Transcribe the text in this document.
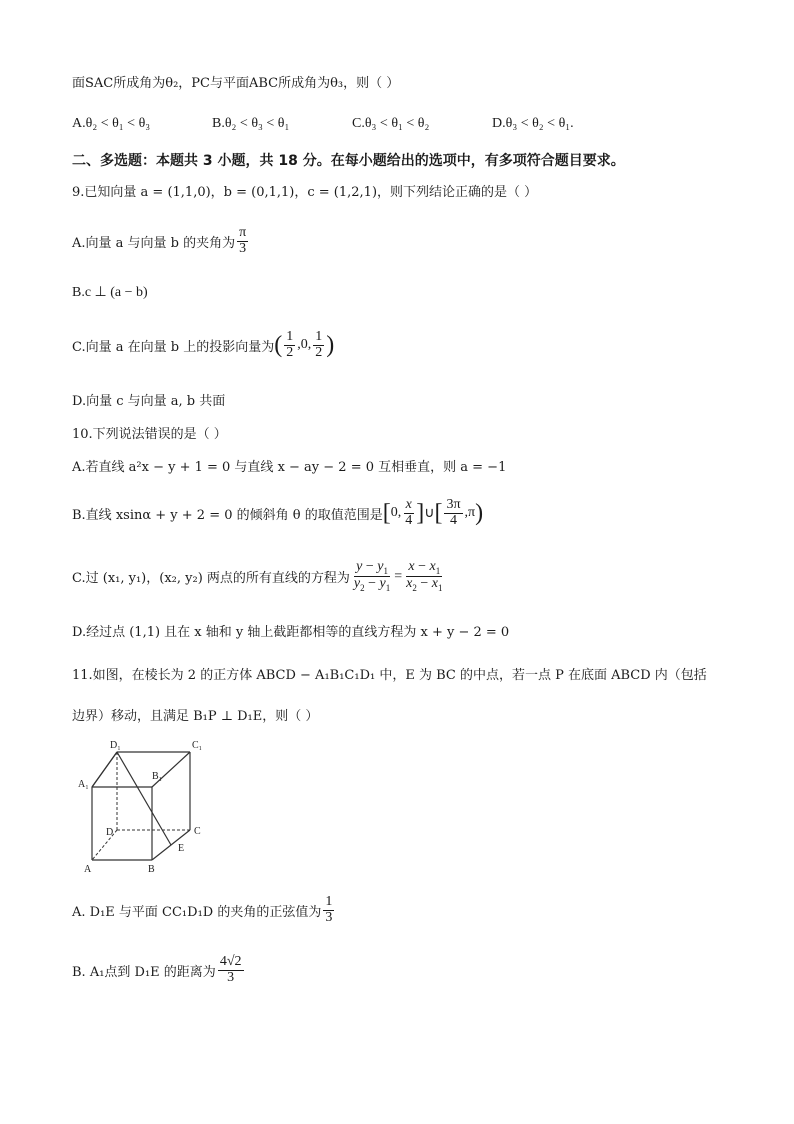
面SAC所成角为θ₂，PC与平面ABC所成角为θ₃，则（ ）
A.θ₂ < θ₁ < θ₃	B.θ₂ < θ₃ < θ₁	C.θ₃ < θ₁ < θ₂	D.θ₃ < θ₂ < θ₁.
二、多选题：本题共 3 小题，共 18 分。在每小题给出的选项中，有多项符合题目要求。
9.已知向量 a = (1,1,0)，b = (0,1,1)，c = (1,2,1)，则下列结论正确的是（ ）
A.向量 a 与向量 b 的夹角为 $\frac{\pi}{3}$
B.c ⊥ (a − b)
C.向量 a 在向量 b 上的投影向量为 ( $\frac{1}{2} ,0$, $\frac{1}{2}$ )
D.向量 c 与向量 a, b 共面
10.下列说法错误的是（ ）
A.若直线 a²x − y + 1 = 0 与直线 x − ay − 2 = 0 互相垂直，则 a = −1
B.直线 xsinα + y + 2 = 0 的倾斜角 θ 的取值范围是 [ 0, $\frac{x}{4}$ ] ∪ [ $\frac{3\pi}{4} ,\pi$ )
C.过 (x₁, y₁)，(x₂, y₂) 两点的所有直线的方程为 $\frac{y - y_1}{y_2 - y_1} = \frac{x - x_1}{x_2 - x_1}$
D.经过点 (1,1) 且在 x 轴和 y 轴上截距都相等的直线方程为 x + y − 2 = 0
11.如图，在棱长为 2 的正方体 ABCD − A₁B₁C₁D₁ 中，E 为 BC 的中点，若一点 P 在底面 ABCD 内（包括
边界）移动，且满足 B₁P ⊥ D₁E，则（ ）
D₁	C₁
B₁
A₁
D	C
A	B
E
A. D₁E 与平面 CC₁D₁D 的夹角的正弦值为 $\frac{1}{3}$
B. A₁点到 D₁E 的距离为 $\frac{4√2}{3}$
